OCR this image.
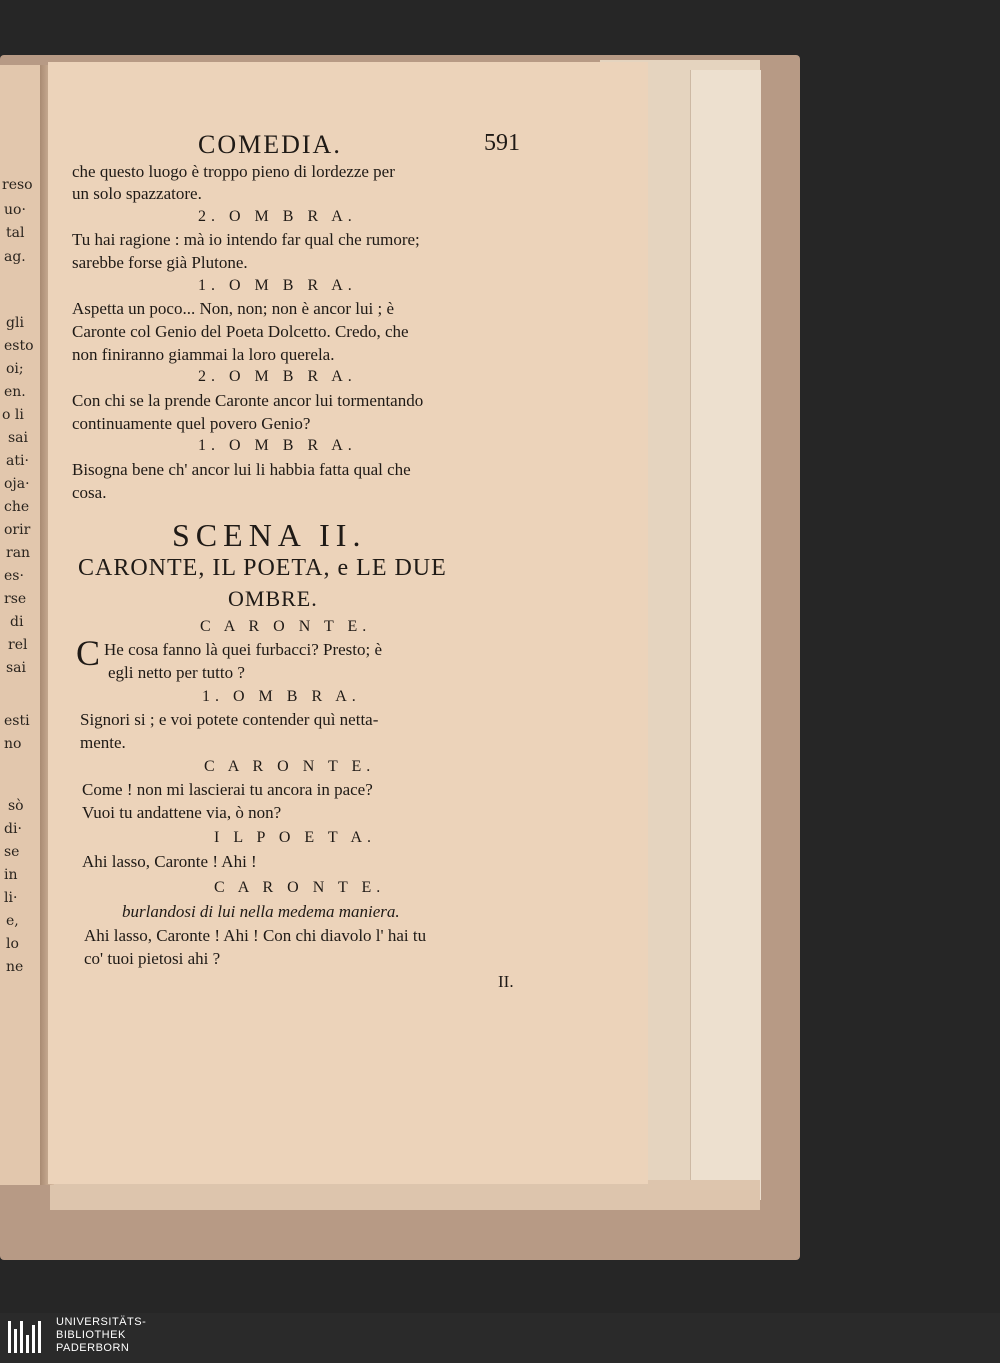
reso
uo·
tal
ag.
gli
esto
oi;
en.
o li
sai
ati·
oja·
che
orir
ran
es·
rse
di
rel
sai
esti
no
sò
di·
se
in
li·
e,
lo
ne
COMEDIA.	591
che questo luogo è troppo pieno di lordezze per
un solo spazzatore.
2. O M B R A.
Tu hai ragione : mà io intendo far qual che rumore;
sarebbe forse già Plutone.
1. O M B R A.
Aspetta un poco... Non, non; non è ancor lui ; è
Caronte col Genio del Poeta Dolcetto. Credo, che
non finiranno giammai la loro querela.
2. O M B R A.
Con chi se la prende Caronte ancor lui tormentando
continuamente quel povero Genio?
1. O M B R A.
Bisogna bene ch' ancor lui li habbia fatta qual che
cosa.
SCENA II.
CARONTE, IL POETA, e LE DUE
OMBRE.
C A R O N T E.
C He cosa fanno là quei furbacci? Presto; è
egli netto per tutto ?
1. O M B R A.
Signori si ; e voi potete contender quì netta-
mente.
C A R O N T E.
Come ! non mi lascierai tu ancora in pace?
Vuoi tu andattene via, ò non?
I L P O E T A.
Ahi lasso, Caronte ! Ahi !
C A R O N T E.
burlandosi di lui nella medema maniera.
Ahi lasso, Caronte ! Ahi ! Con chi diavolo l' hai tu
co' tuoi pietosi ahi ?
II.
UNIVERSITÄTS-
BIBLIOTHEK
PADERBORN
